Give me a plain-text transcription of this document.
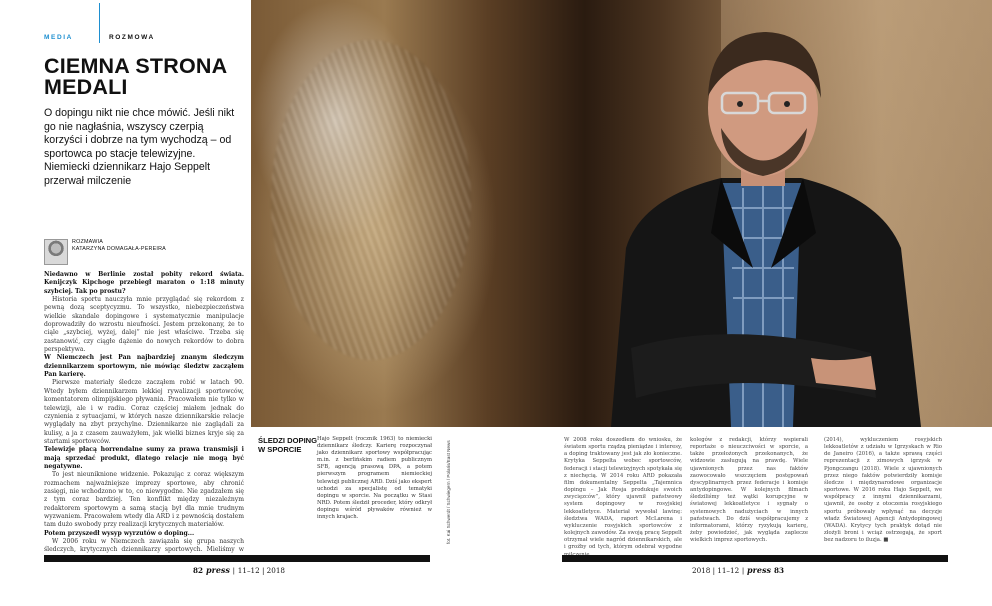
MEDIA	ROZMOWA
CIEMNA STRONA MEDALI

O dopingu nikt nie chce mówić. Jeśli nikt go nie nagłaśnia, wszyscy czerpią korzyści i dobrze na tym wychodzą – od sportowca po stacje telewizyjne. Niemiecki dziennikarz Hajo Seppelt przerwał milczenie

ROZMAWIA
KATARZYNA DOMAGAŁA-PEREIRA

Niedawno w Berlinie został pobity rekord świata. Kenijczyk Kipchoge przebiegł maraton o 1:18 minuty szybciej. Tak po prostu?

Historia sportu nauczyła mnie przyglądać się rekordom z pewną dozą sceptycyzmu. To wszystko, niebezpieczeństwa wielkie skandale dopingowe i systematycznie manipulacje doprowadziły do wzrostu nieufności. Jestem przekonany, że to ciąle „szybciej, wyżej, dalej” nie jest właściwe. Trzeba się zastanowić, czy ciągłe dążenie do nowych rekordów to dobra perspektywa.

W Niemczech jest Pan najbardziej znanym śledczym dziennikarzem sportowym, nie mówiąc śledztw zacząłem Pan karierę.

Pierwsze materiały śledcze zacząłem robić w latach 90. Wtedy byłem dziennikarzem lekkiej rywalizacji sportowców, komentatorem olimpijskiego pływania. Pracowałem nie tylko w telewizji, ale i w radiu. Coraz częściej miałem jednak do czynienia z sytuacjami, w których nasze dziennikarskie relacje wyglądały na zbyt przychylne. Dziennikarze nie zaglądali za kulisy, a ja z czasem zauważyłem, jak wielki biznes kryje się za startami sportowców.

Telewizje płacą horrendalne sumy za prawa transmisji i mają sprzedać produkt, dlatego relacje nie mogą być negatywne.

To jest nieuniknione widzenie. Pokazując z coraz większym rozmachem najważniejsze imprezy sportowe, aby chronić zasięgi, nie wchodzono w to, co niewygodne. Nie zgadzałem się z tym coraz bardziej. Ten konflikt między niezależnym redaktorem sportowym a samą stacją był dla mnie trudnym wyzwaniem. Pracowałem wtedy dla ARD i z pewnością dostałem tam dużo swobody przy realizacji krytycznych materiałów.

Potem przyszedł wysyp wyrzutów o doping...

W 2006 roku w Niemczech zawiązała się grupa naszych śledczych, krytycznych dziennikarzy sportowych. Mieliśmy w

ŚLEDZI DOPING W SPORCIE
Hajo Seppelt (rocznik 1963) to niemiecki dziennikarz śledczy. Karierę rozpoczynał jako dziennikarz sportowy współpracując m.in. z berlińskim radiem publicznym SFB, agencją prasową DPA, a potem pierwszym programem niemieckiej telewizji publicznej ARD. Dziś jako ekspert uchodzi za specjalistę od tematyki dopingu w sporcie. Na początku w Stasi NRD. Potem śledził proceder, który odkrył dopingu wśród pływaków również w innych krajach.	fot. Kai Schwerdt / Schwiegern / Polaris/East News
W 2008 roku doszedłem do wniosku, że światem sportu rządzą pieniądze i interesy, a doping traktowany jest jak zło konieczne. Krytyka Seppelta wobec sportowców, federacji i stacji telewizyjnych spotykała się z niechęcią. W 2014 roku ARD pokazała film dokumentalny Seppelta „Tajemnica dopingu – Jak Rosja produkuje swoich zwycięzców”, który ujawnił państwowy system dopingowy w rosyjskiej lekkoatletyce. Materiał wywołał lawinę: śledztwa WADA, raport McLarena i wykluczenie rosyjskich sportowców z kolejnych zawodów. Za swoją pracę Seppelt otrzymał wiele nagród dziennikarskich, ale i groźby od tych, którym odebrał wygodne
kolegów z redakcji, którzy wspierali reportaże o nieuczciwości w sporcie, a także przełożonych przekonanych, że widzowie zasługują na prawdę. Wiele ujawnionych przez nas faktów zaowocowało wszczęciem postępowań dyscyplinarnych przez federacje i komisje antydopingowe. W kolejnych filmach śledziliśmy też wątki korupcyjne w światowej lekkoatletyce i sygnały o systemowych nadużyciach w innych państwach. Do dziś współpracujemy z informatorami, którzy ryzykują karierę, żeby powiedzieć, jak wygląda zaplecze wielkich imprez sportowych.
(2014), wykluczeniem rosyjskich lekkoatletów z udziału w Igrzyskach w Rio de Janeiro (2016), a także sprawą części reprezentacji z zimowych igrzysk w Pjongczangu (2018). Wiele z ujawnionych przez niego faktów potwierdziły komisje śledcze i międzynarodowe organizacje sportowe. W 2016 roku Hajo Seppelt, we współpracy z innymi dziennikarzami, ujawnił, że osoby z otoczenia rosyjskiego sportu próbowały wpłynąć na decyzje władz Światowej Agencji Antydopingowej (WADA). Krytycy tych praktyk dotąd nie złożyli broni i wciąż ostrzegają, że sport bez nadzoru to iluzja. ■
82 press | 11–12 | 2018	2018 | 11–12 | press 83
